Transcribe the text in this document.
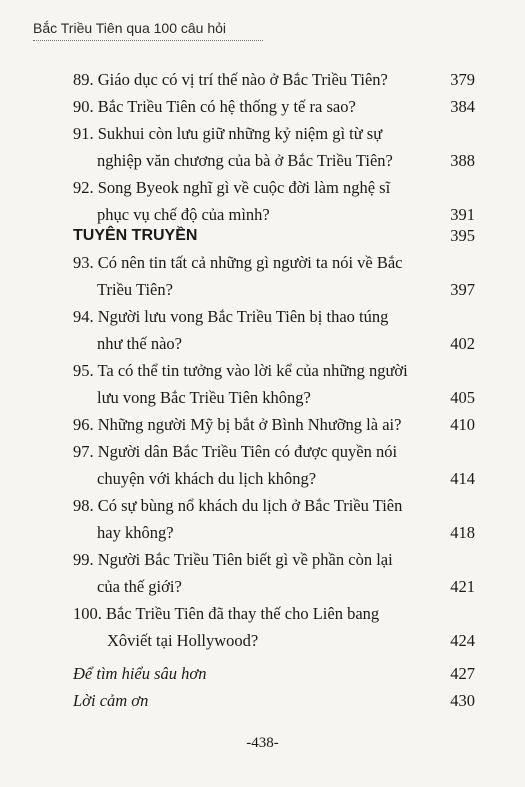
Bắc Triều Tiên qua 100 câu hỏi
89. Giáo dục có vị trí thế nào ở Bắc Triều Tiên?	379
90. Bắc Triều Tiên có hệ thống y tế ra sao?	384
91. Sukhui còn lưu giữ những kỷ niệm gì từ sự
nghiệp văn chương của bà ở Bắc Triều Tiên?	388
92. Song Byeok nghĩ gì về cuộc đời làm nghệ sĩ
phục vụ chế độ của mình?	391
TUYÊN TRUYỀN	395
93. Có nên tin tất cả những gì người ta nói về Bắc
Triều Tiên?	397
94. Người lưu vong Bắc Triều Tiên bị thao túng
như thế nào?	402
95. Ta có thể tin tưởng vào lời kể của những người
lưu vong Bắc Triều Tiên không?	405
96. Những người Mỹ bị bắt ở Bình Nhưỡng là ai?	410
97. Người dân Bắc Triều Tiên có được quyền nói
chuyện với khách du lịch không?	414
98. Có sự bùng nổ khách du lịch ở Bắc Triều Tiên
hay không?	418
99. Người Bắc Triều Tiên biết gì về phần còn lại
của thế giới?	421
100. Bắc Triều Tiên đã thay thế cho Liên bang
Xôviết tại Hollywood?	424
Để tìm hiểu sâu hơn	427
Lời cảm ơn	430
-438-
